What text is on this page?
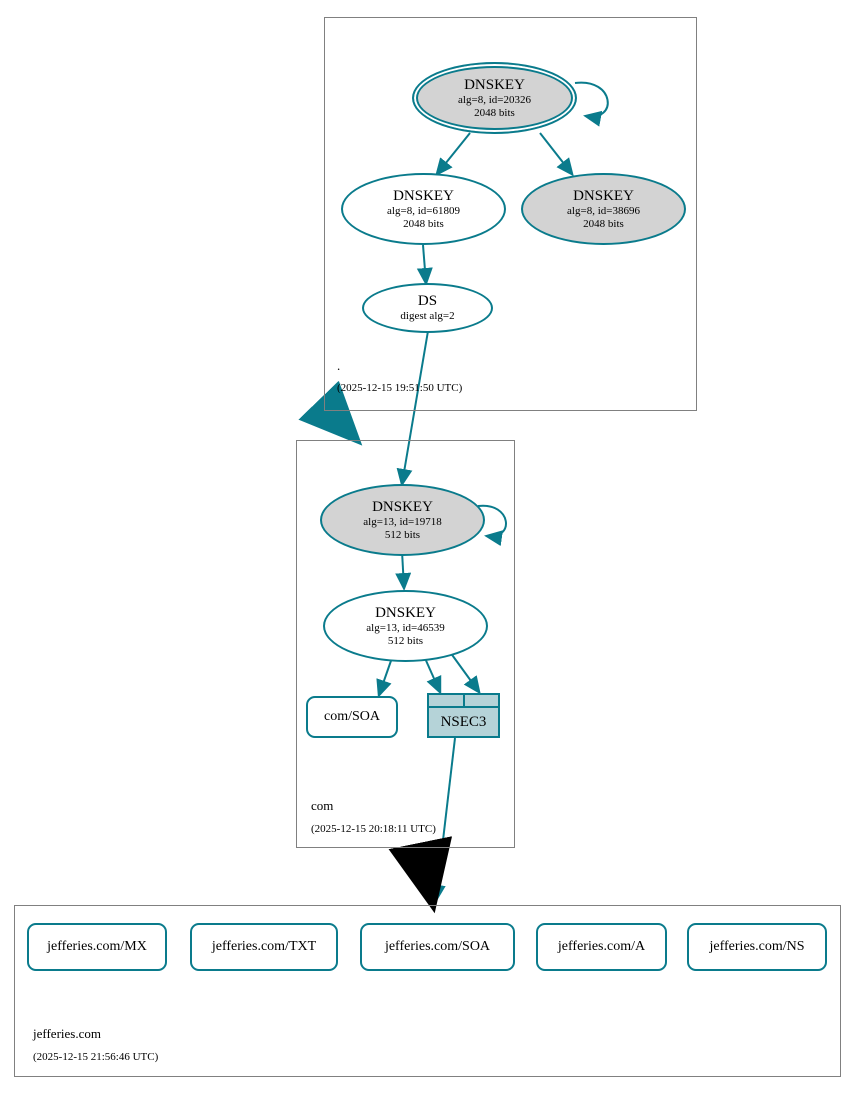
.
(2025-12-15 19:51:50 UTC)
DNSKEY
alg=8, id=20326
2048 bits
DNSKEY
alg=8, id=61809
2048 bits
DNSKEY
alg=8, id=38696
2048 bits
DS
digest alg=2
com
(2025-12-15 20:18:11 UTC)
DNSKEY
alg=13, id=19718
512 bits
DNSKEY
alg=13, id=46539
512 bits
com/SOA	NSEC3
jefferies.com
(2025-12-15 21:56:46 UTC)
jefferies.com/MX	jefferies.com/TXT	jefferies.com/SOA	jefferies.com/A	jefferies.com/NS
